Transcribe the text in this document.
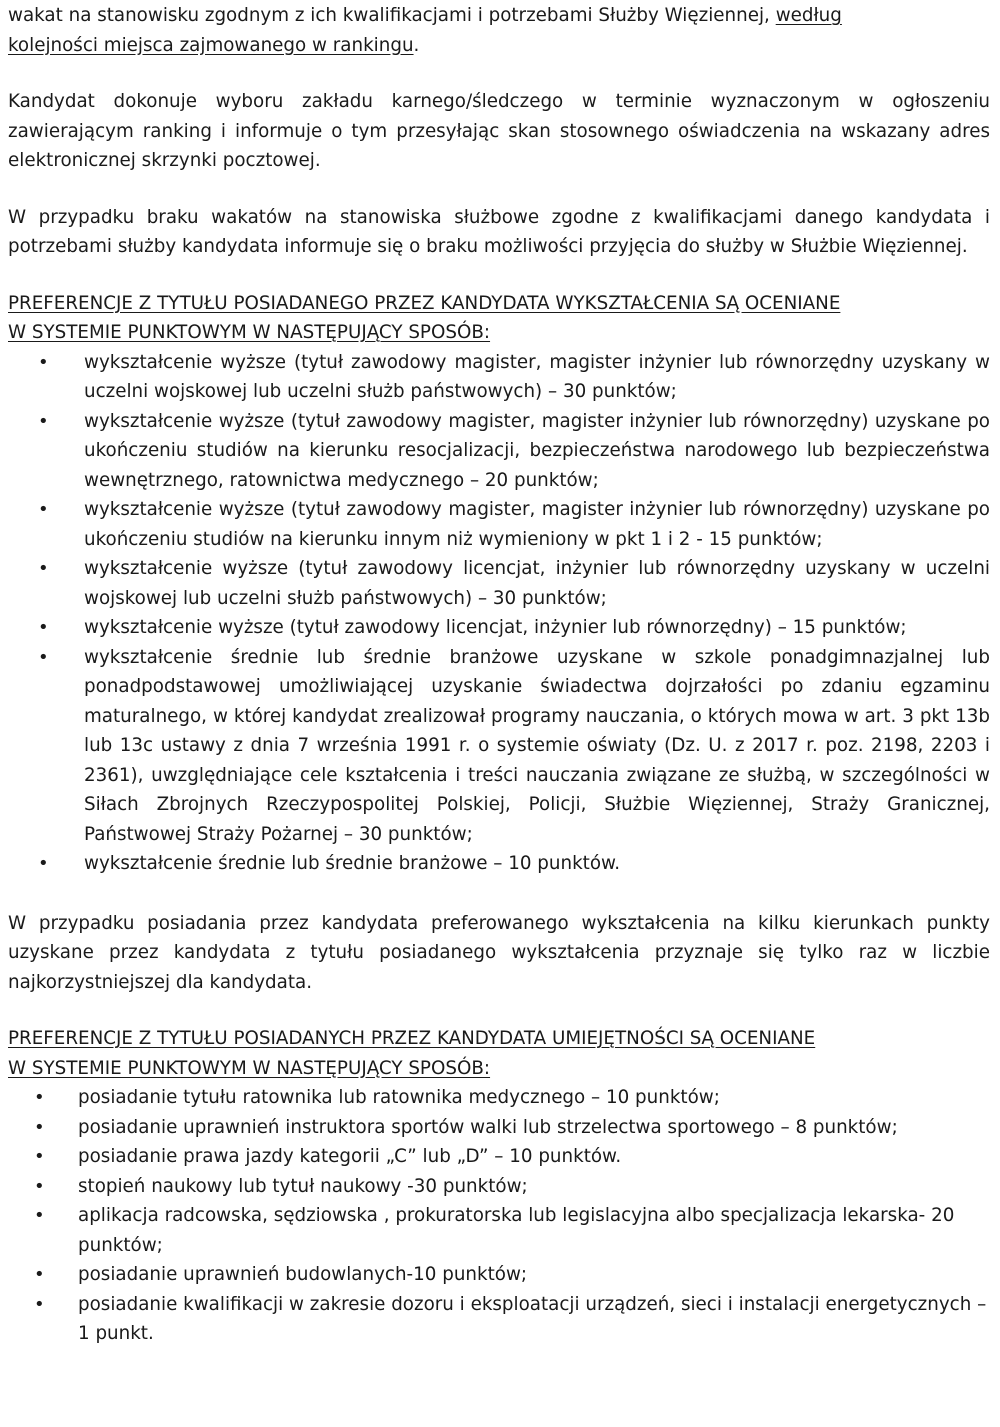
wakat na stanowisku zgodnym z ich kwalifikacjami i potrzebami Służby Więziennej, według
kolejności miejsca zajmowanego w rankingu.

Kandydat dokonuje wyboru zakładu karnego/śledczego w terminie wyznaczonym w ogłoszeniu zawierającym ranking i informuje o tym przesyłając skan stosownego oświadczenia na wskazany adres elektronicznej skrzynki pocztowej.

W przypadku braku wakatów na stanowiska służbowe zgodne z kwalifikacjami danego kandydata i potrzebami służby kandydata informuje się o braku możliwości przyjęcia do służby w Służbie Więziennej.

PREFERENCJE Z TYTUŁU POSIADANEGO PRZEZ KANDYDATA WYKSZTAŁCENIA SĄ OCENIANE
W SYSTEMIE PUNKTOWYM W NASTĘPUJĄCY SPOSÓB:

• wykształcenie wyższe (tytuł zawodowy magister, magister inżynier lub równorzędny uzyskany w uczelni wojskowej lub uczelni służb państwowych) – 30 punktów;
• wykształcenie wyższe (tytuł zawodowy magister, magister inżynier lub równorzędny) uzyskane po ukończeniu studiów na kierunku resocjalizacji, bezpieczeństwa narodowego lub bezpieczeństwa wewnętrznego, ratownictwa medycznego – 20 punktów;
• wykształcenie wyższe (tytuł zawodowy magister, magister inżynier lub równorzędny) uzyskane po ukończeniu studiów na kierunku innym niż wymieniony w pkt 1 i 2 - 15 punktów;
• wykształcenie wyższe (tytuł zawodowy licencjat, inżynier lub równorzędny uzyskany w uczelni wojskowej lub uczelni służb państwowych) – 30 punktów;
• wykształcenie wyższe (tytuł zawodowy licencjat, inżynier lub równorzędny) – 15 punktów;
• wykształcenie średnie lub średnie branżowe uzyskane w szkole ponadgimnazjalnej lub ponadpodstawowej umożliwiającej uzyskanie świadectwa dojrzałości po zdaniu egzaminu maturalnego, w której kandydat zrealizował programy nauczania, o których mowa w art. 3 pkt 13b lub 13c ustawy z dnia 7 września 1991 r. o systemie oświaty (Dz. U. z 2017 r. poz. 2198, 2203 i 2361), uwzględniające cele kształcenia i treści nauczania związane ze służbą, w szczególności w Siłach Zbrojnych Rzeczypospolitej Polskiej, Policji, Służbie Więziennej, Straży Granicznej, Państwowej Straży Pożarnej – 30 punktów;
• wykształcenie średnie lub średnie branżowe – 10 punktów.

W przypadku posiadania przez kandydata preferowanego wykształcenia na kilku kierunkach punkty uzyskane przez kandydata z tytułu posiadanego wykształcenia przyznaje się tylko raz w liczbie najkorzystniejszej dla kandydata.

PREFERENCJE Z TYTUŁU POSIADANYCH PRZEZ KANDYDATA UMIEJĘTNOŚCI SĄ OCENIANE
W SYSTEMIE PUNKTOWYM W NASTĘPUJĄCY SPOSÓB:

• posiadanie tytułu ratownika lub ratownika medycznego – 10 punktów;
• posiadanie uprawnień instruktora sportów walki lub strzelectwa sportowego – 8 punktów;
• posiadanie prawa jazdy kategorii „C” lub „D” – 10 punktów.
• stopień naukowy lub tytuł naukowy -30 punktów;
• aplikacja radcowska, sędziowska , prokuratorska lub legislacyjna albo specjalizacja lekarska- 20 punktów;
• posiadanie uprawnień budowlanych-10 punktów;
• posiadanie kwalifikacji w zakresie dozoru i eksploatacji urządzeń, sieci i instalacji energetycznych – 1 punkt.
